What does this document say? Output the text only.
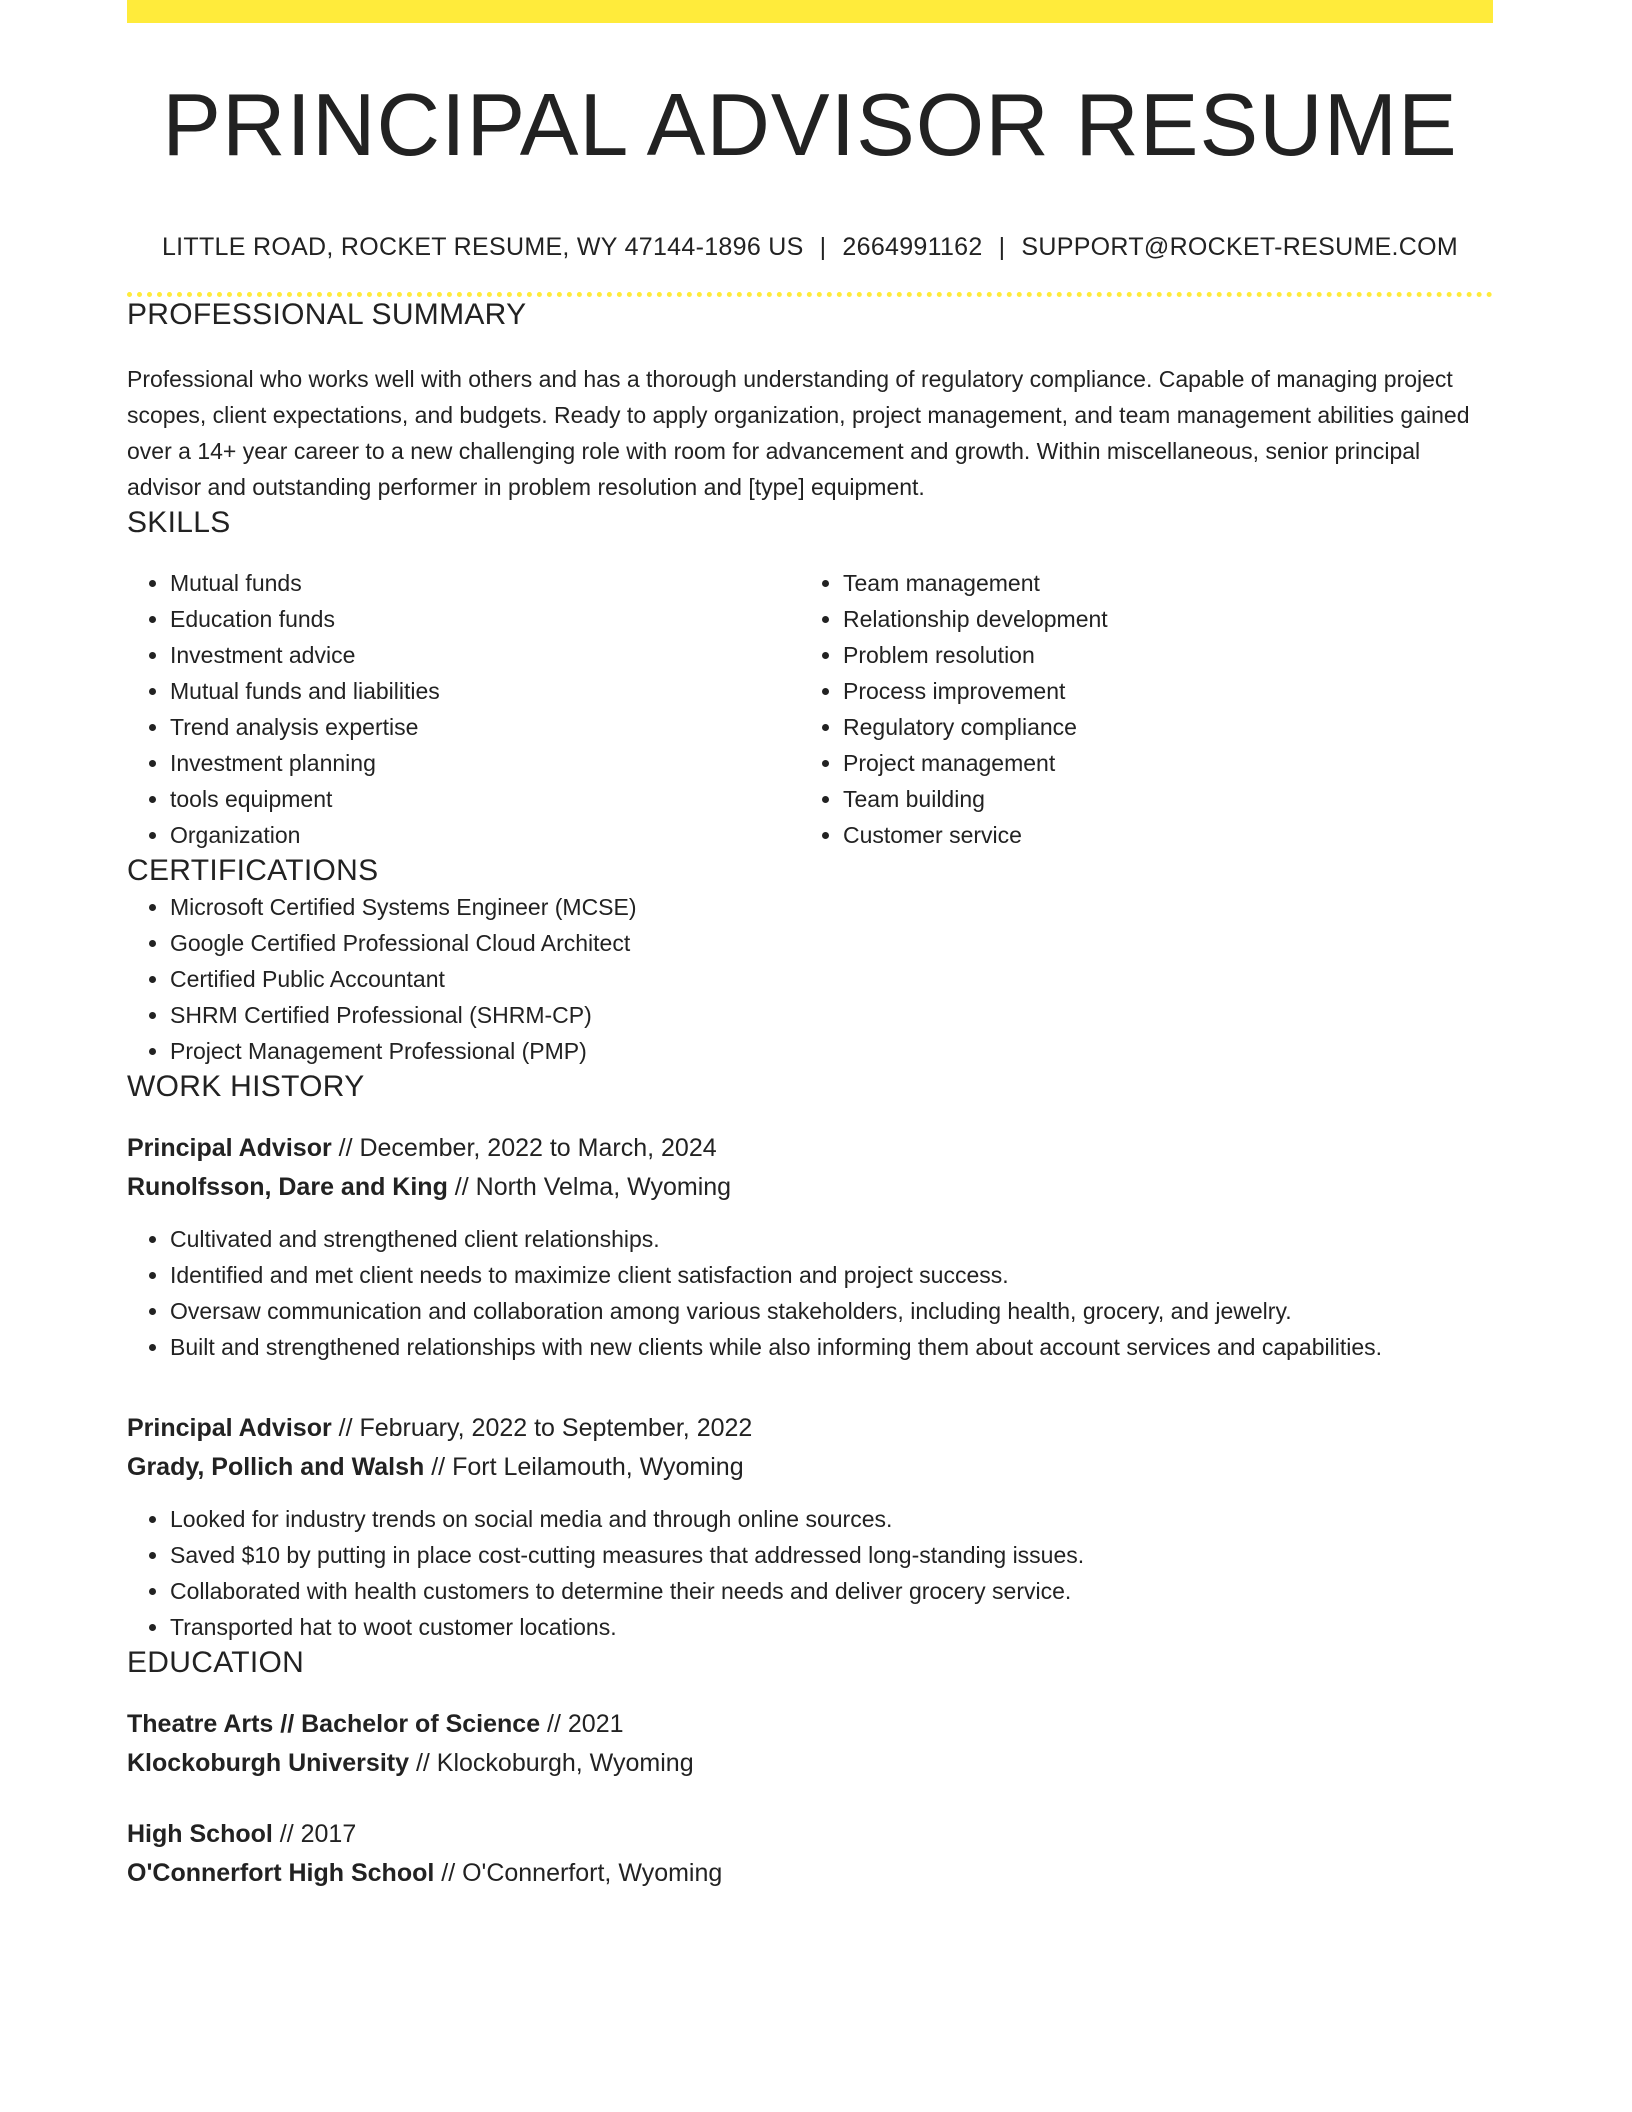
PRINCIPAL ADVISOR RESUME
LITTLE ROAD, ROCKET RESUME, WY 47144-1896 US | 2664991162 | SUPPORT@ROCKET-RESUME.COM
PROFESSIONAL SUMMARY

Professional who works well with others and has a thorough understanding of regulatory compliance. Capable of managing project scopes, client expectations, and budgets. Ready to apply organization, project management, and team management abilities gained over a 14+ year career to a new challenging role with room for advancement and growth. Within miscellaneous, senior principal advisor and outstanding performer in problem resolution and [type] equipment.

SKILLS
• Mutual funds
• Education funds
• Investment advice
• Mutual funds and liabilities
• Trend analysis expertise
• Investment planning
• tools equipment
• Organization
• Team management
• Relationship development
• Problem resolution
• Process improvement
• Regulatory compliance
• Project management
• Team building
• Customer service
CERTIFICATIONS
• Microsoft Certified Systems Engineer (MCSE)
• Google Certified Professional Cloud Architect
• Certified Public Accountant
• SHRM Certified Professional (SHRM-CP)
• Project Management Professional (PMP)
WORK HISTORY
Principal Advisor // December, 2022 to March, 2024
Runolfsson, Dare and King // North Velma, Wyoming
• Cultivated and strengthened client relationships.
• Identified and met client needs to maximize client satisfaction and project success.
• Oversaw communication and collaboration among various stakeholders, including health, grocery, and jewelry.
• Built and strengthened relationships with new clients while also informing them about account services and capabilities.
Principal Advisor // February, 2022 to September, 2022
Grady, Pollich and Walsh // Fort Leilamouth, Wyoming
• Looked for industry trends on social media and through online sources.
• Saved $10 by putting in place cost-cutting measures that addressed long-standing issues.
• Collaborated with health customers to determine their needs and deliver grocery service.
• Transported hat to woot customer locations.
EDUCATION
Theatre Arts // Bachelor of Science // 2021
Klockoburgh University // Klockoburgh, Wyoming
High School // 2017
O'Connerfort High School // O'Connerfort, Wyoming
